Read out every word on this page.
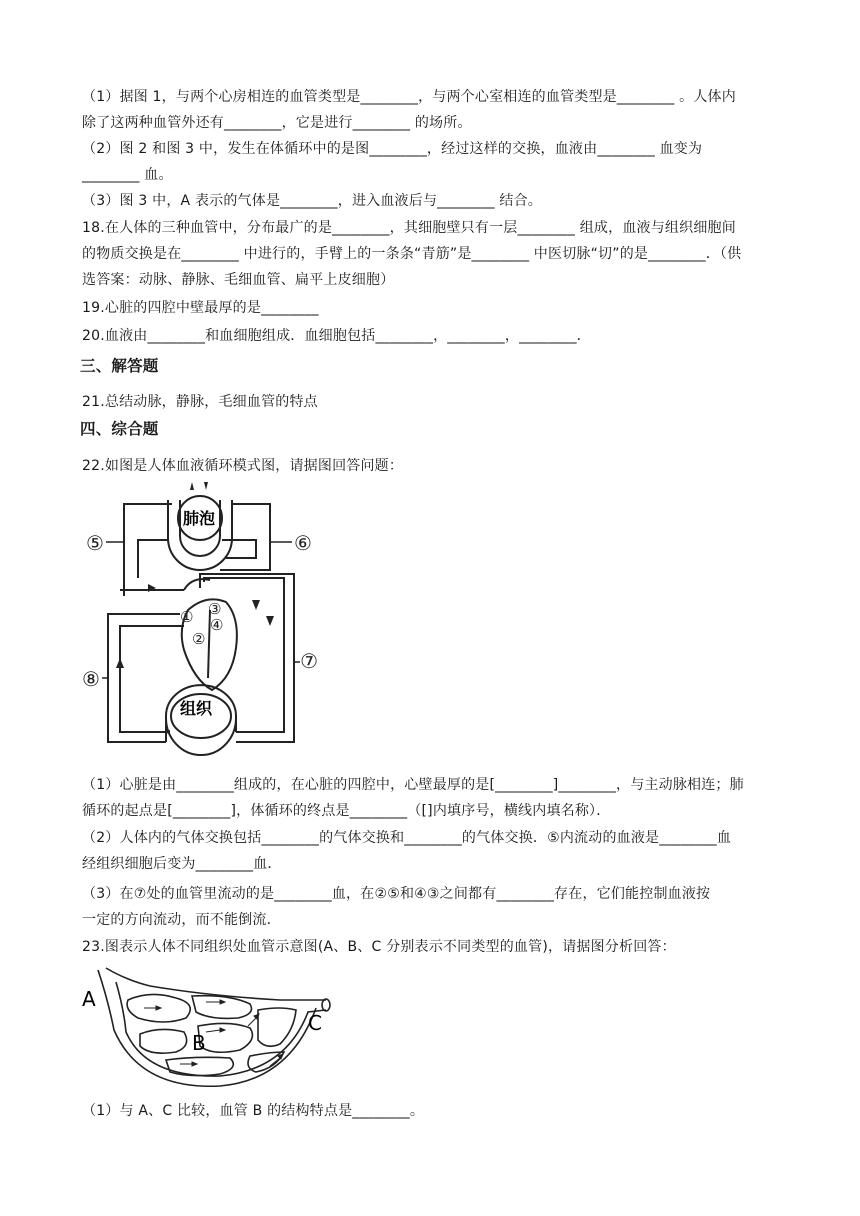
（1）据图 1，与两个心房相连的血管类型是________，与两个心室相连的血管类型是________ 。人体内
除了这两种血管外还有________，它是进行________ 的场所。
（2）图 2 和图 3 中，发生在体循环中的是图________，经过这样的交换，血液由________ 血变为
________ 血。
（3）图 3 中，A 表示的气体是________，进入血液后与________ 结合。
18.在人体的三种血管中，分布最广的是________，其细胞壁只有一层________ 组成，血液与组织细胞间
的物质交换是在________ 中进行的，手臂上的一条条“青筋”是________ 中医切脉“切”的是________．（供
选答案：动脉、静脉、毛细血管、扁平上皮细胞）
19.心脏的四腔中壁最厚的是________
20.血液由________和血细胞组成．血细胞包括________，________，________．
三、解答题
21.总结动脉，静脉，毛细血管的特点
四、综合题
22.如图是人体血液循环模式图，请据图回答问题：
肺泡
组织
①
②
③
④
⑤	⑥
⑦
⑧
（1）心脏是由________组成的，在心脏的四腔中，心壁最厚的是[________]________，与主动脉相连；肺
循环的起点是[________]，体循环的终点是________（[]内填序号，横线内填名称）．
（2）人体内的气体交换包括________的气体交换和________的气体交换．⑤内流动的血液是________血
经组织细胞后变为________血．
（3）在⑦处的血管里流动的是________血，在②⑤和④③之间都有________存在，它们能控制血液按
一定的方向流动，而不能倒流．
23.图表示人体不同组织处血管示意图(A、B、C 分别表示不同类型的血管)，请据图分析回答：
A
B
C
（1）与 A、C 比较，血管 B 的结构特点是________。
